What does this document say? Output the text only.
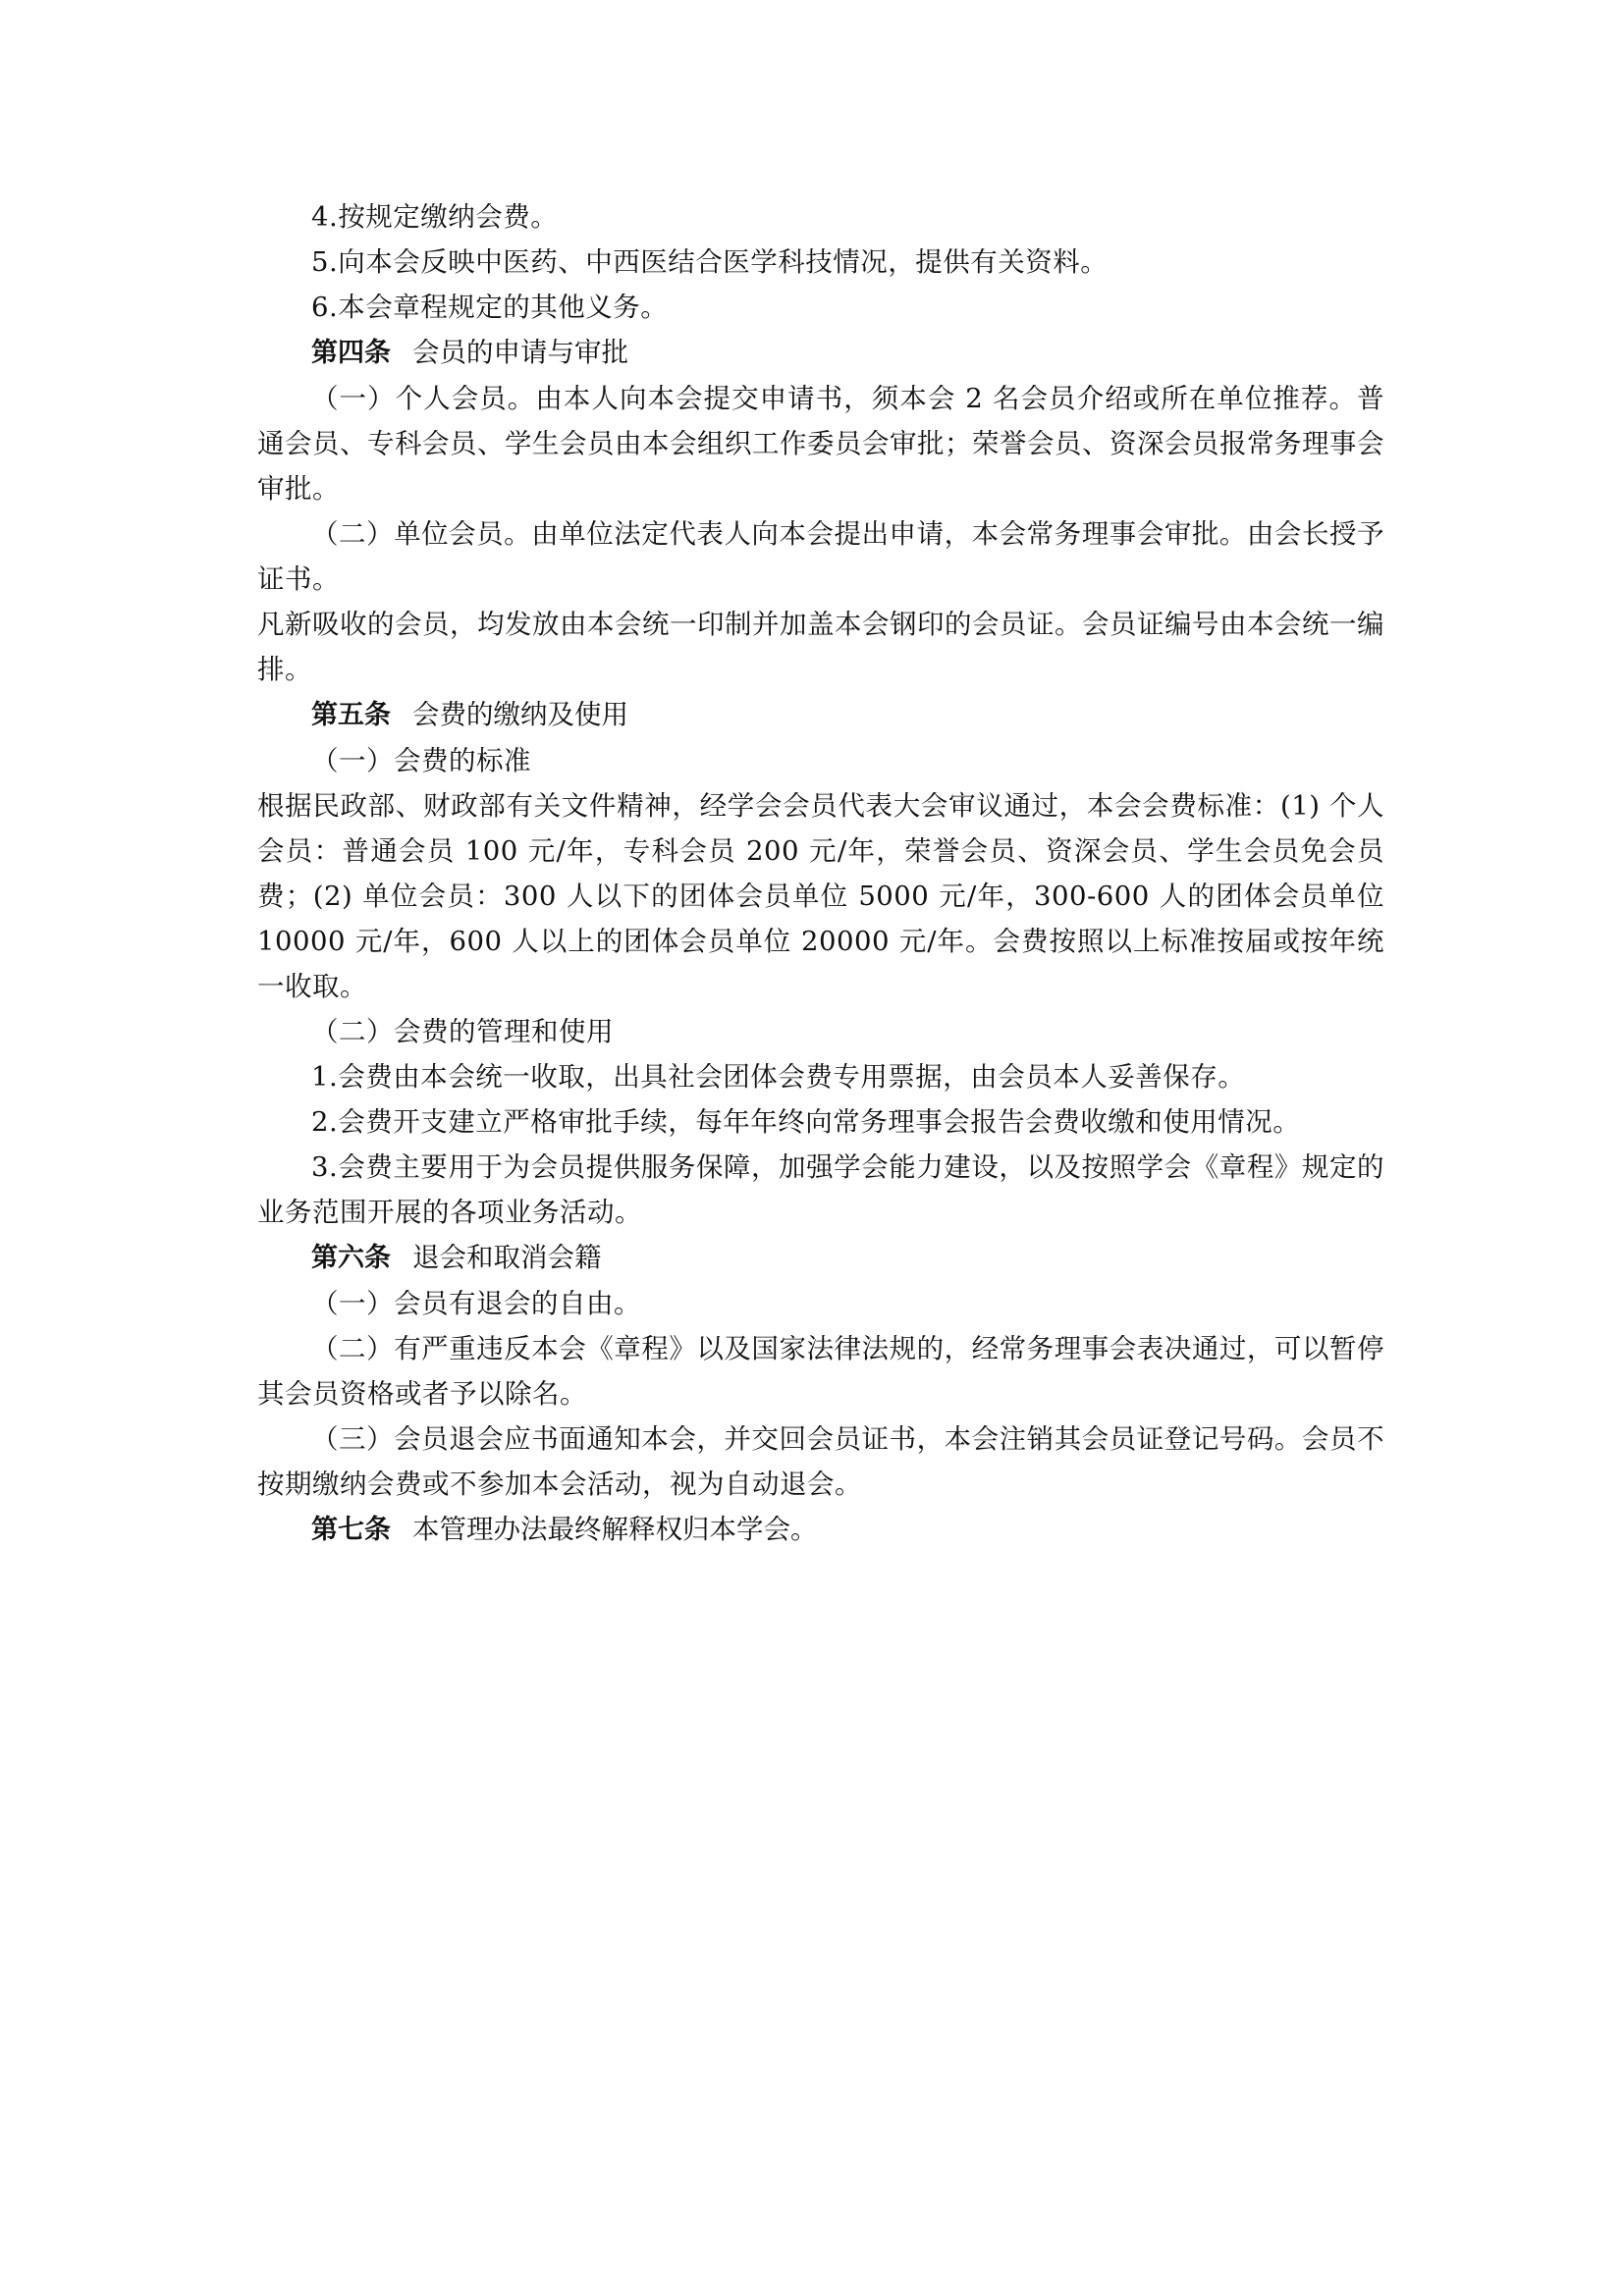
4.按规定缴纳会费。

5.向本会反映中医药、中西医结合医学科技情况，提供有关资料。

6.本会章程规定的其他义务。

第四条 会员的申请与审批

（一）个人会员。由本人向本会提交申请书，须本会 2 名会员介绍或所在单位推荐。普通会员、专科会员、学生会员由本会组织工作委员会审批；荣誉会员、资深会员报常务理事会审批。

（二）单位会员。由单位法定代表人向本会提出申请，本会常务理事会审批。由会长授予证书。

凡新吸收的会员，均发放由本会统一印制并加盖本会钢印的会员证。会员证编号由本会统一编排。

第五条 会费的缴纳及使用

（一）会费的标准

根据民政部、财政部有关文件精神，经学会会员代表大会审议通过，本会会费标准：(1) 个人会员：普通会员 100 元/年，专科会员 200 元/年，荣誉会员、资深会员、学生会员免会员费；(2) 单位会员：300 人以下的团体会员单位 5000 元/年，300-600 人的团体会员单位 10000 元/年，600 人以上的团体会员单位 20000 元/年。会费按照以上标准按届或按年统一收取。

（二）会费的管理和使用

1.会费由本会统一收取，出具社会团体会费专用票据，由会员本人妥善保存。

2.会费开支建立严格审批手续，每年年终向常务理事会报告会费收缴和使用情况。

3.会费主要用于为会员提供服务保障，加强学会能力建设，以及按照学会《章程》规定的业务范围开展的各项业务活动。

第六条 退会和取消会籍

（一）会员有退会的自由。

（二）有严重违反本会《章程》以及国家法律法规的，经常务理事会表决通过，可以暂停其会员资格或者予以除名。

（三）会员退会应书面通知本会，并交回会员证书，本会注销其会员证登记号码。会员不按期缴纳会费或不参加本会活动，视为自动退会。

第七条 本管理办法最终解释权归本学会。
